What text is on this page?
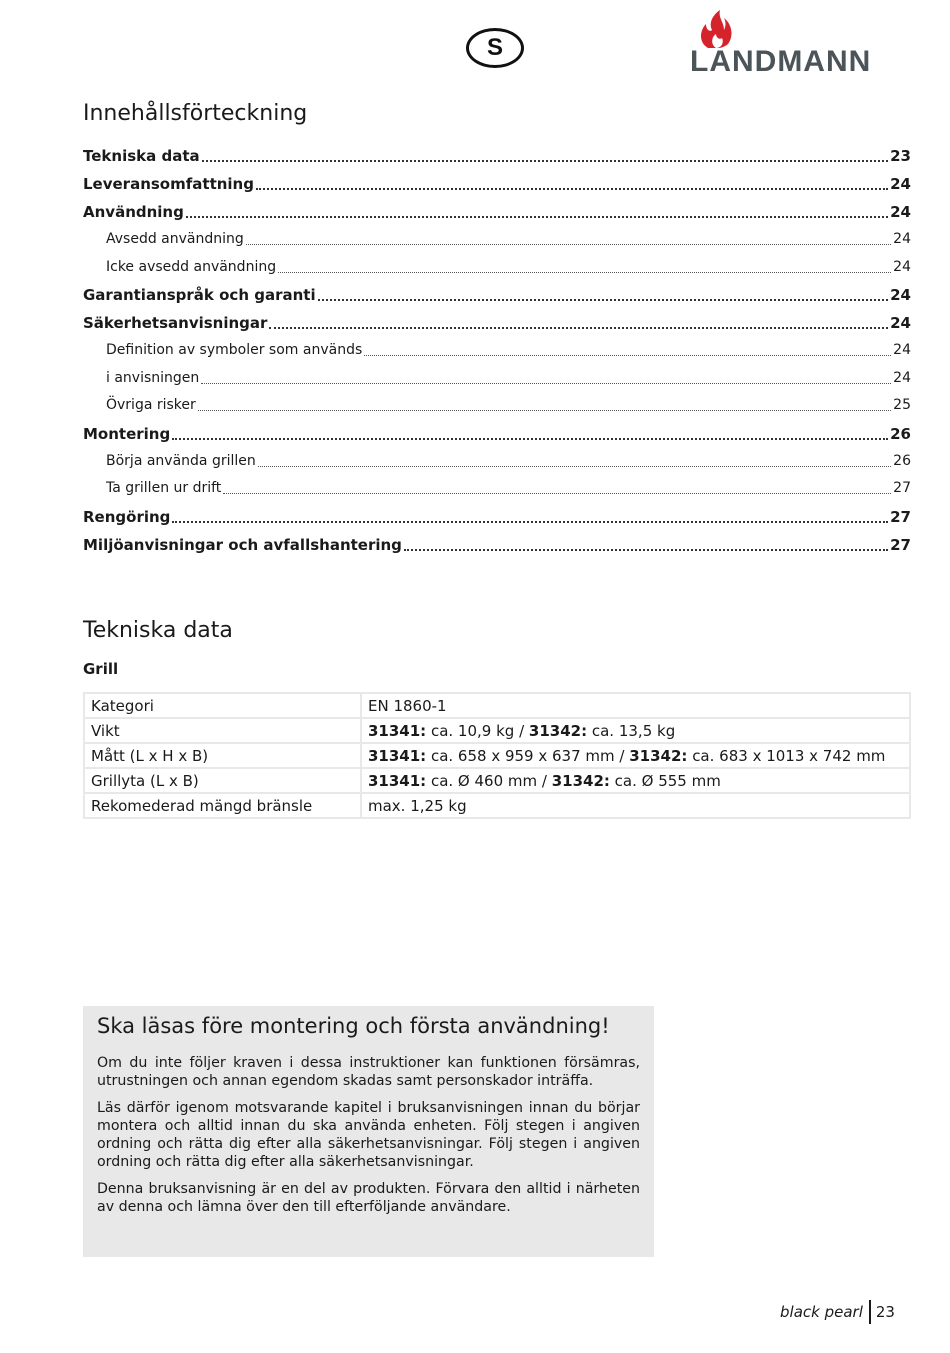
S	LANDMANN
Innehållsförteckning
Tekniska data	23
Leveransomfattning	24
Användning	24
Avsedd användning	24
Icke avsedd användning	24
Garantianspråk och garanti	24
Säkerhetsanvisningar	24
Definition av symboler som används	24
i anvisningen	24
Övriga risker	25
Montering	26
Börja använda grillen	26
Ta grillen ur drift	27
Rengöring	27
Miljöanvisningar och avfallshantering	27
Tekniska data
Grill
Kategori	EN 1860-1
Vikt	31341: ca. 10,9 kg / 31342: ca. 13,5 kg
Mått (L x H x B)	31341: ca. 658 x 959 x 637 mm / 31342: ca. 683 x 1013 x 742 mm
Grillyta (L x B)	31341: ca. Ø 460 mm / 31342: ca. Ø 555 mm
Rekomederad mängd bränsle	max. 1,25 kg
Ska läsas före montering och första användning!

Om du inte följer kraven i dessa instruktioner kan funktionen försämras, utrustningen och annan egendom skadas samt personskador inträffa.

Läs därför igenom motsvarande kapitel i bruksanvisningen innan du börjar montera och alltid innan du ska använda enheten. Följ stegen i angiven ordning och rätta dig efter alla säkerhetsanvisningar. Följ stegen i angiven ordning och rätta dig efter alla säkerhetsanvisningar.

Denna bruksanvisning är en del av produkten. Förvara den alltid i närheten av denna och lämna över den till efterföljande användare.

black pearl 23
